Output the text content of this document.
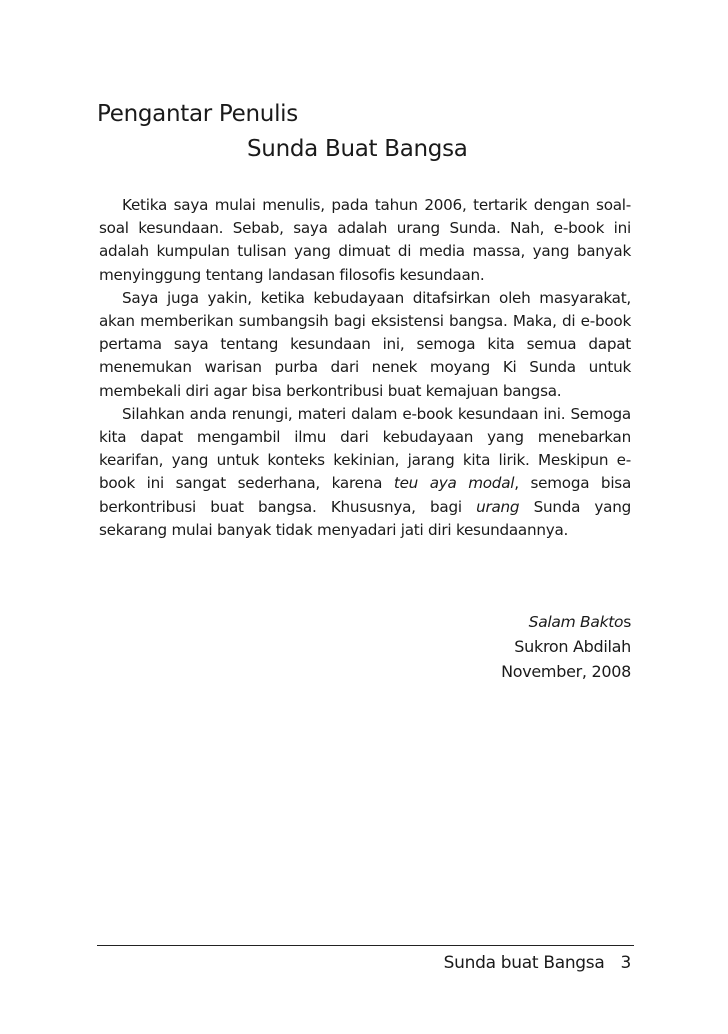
Pengantar Penulis
Sunda Buat Bangsa

Ketika saya mulai menulis, pada tahun 2006, tertarik dengan soal-soal kesundaan. Sebab, saya adalah urang Sunda. Nah, e-book ini adalah kumpulan tulisan yang dimuat di media massa, yang banyak menyinggung tentang landasan filosofis kesundaan.

Saya juga yakin, ketika kebudayaan ditafsirkan oleh masyarakat, akan memberikan sumbangsih bagi eksistensi bangsa. Maka, di e-book pertama saya tentang kesundaan ini, semoga kita semua dapat menemukan warisan purba dari nenek moyang Ki Sunda untuk membekali diri agar bisa berkontribusi buat kemajuan bangsa.

Silahkan anda renungi, materi dalam e-book kesundaan ini. Semoga kita dapat mengambil ilmu dari kebudayaan yang menebarkan kearifan, yang untuk konteks kekinian, jarang kita lirik. Meskipun e-book ini sangat sederhana, karena teu aya modal, semoga bisa berkontribusi buat bangsa. Khususnya, bagi urang Sunda yang sekarang mulai banyak tidak menyadari jati diri kesundaannya.

Salam Baktos
Sukron Abdilah
November, 2008
Sunda buat Bangsa 3
